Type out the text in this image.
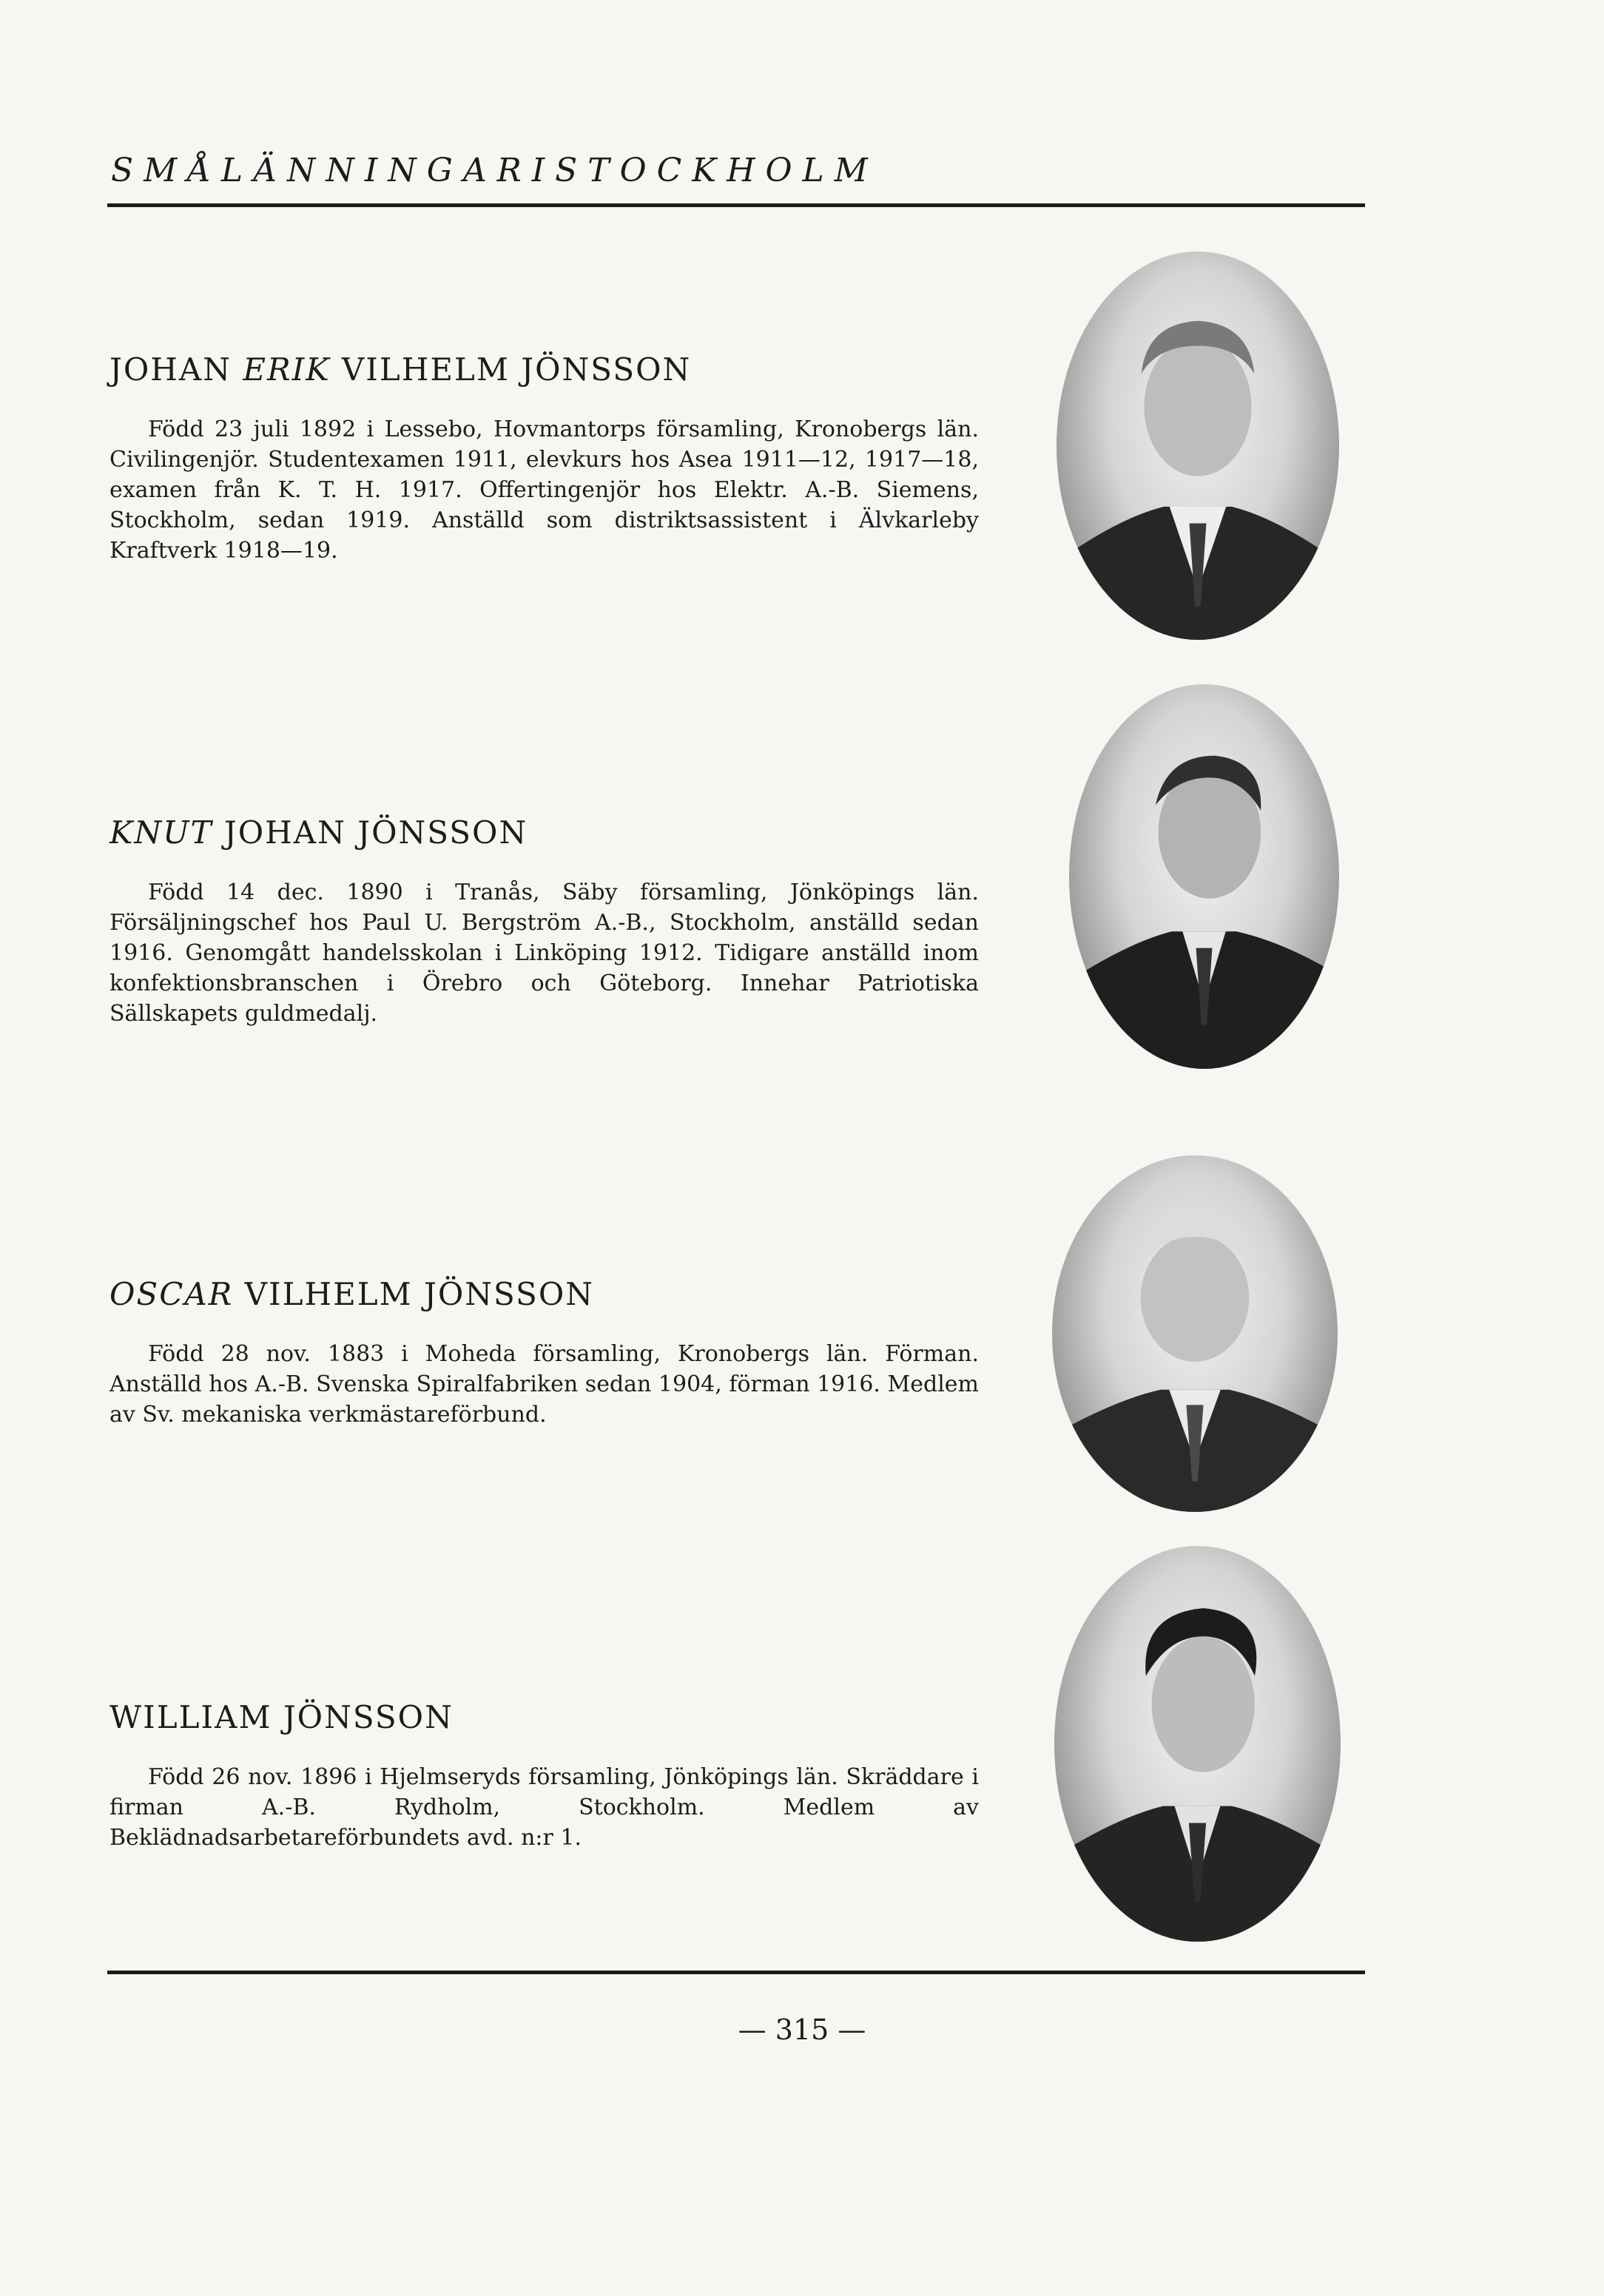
S M Å L Ä N N I N G A R I S T O C K H O L M
JOHAN ERIK VILHELM JÖNSSON

Född 23 juli 1892 i Lessebo, Hovmantorps församling, Kronobergs län. Civilingenjör. Studentexamen 1911, elevkurs hos Asea 1911—12, 1917—18, examen från K. T. H. 1917. Offertingenjör hos Elektr. A.-B. Siemens, Stockholm, sedan 1919. Anställd som distriktsassistent i Älvkarleby Kraftverk 1918—19.

KNUT JOHAN JÖNSSON

Född 14 dec. 1890 i Tranås, Säby församling, Jönköpings län. Försäljningschef hos Paul U. Bergström A.-B., Stockholm, anställd sedan 1916. Genomgått handelsskolan i Linköping 1912. Tidigare anställd inom konfektionsbranschen i Örebro och Göteborg. Innehar Patriotiska Sällskapets guldmedalj.

OSCAR VILHELM JÖNSSON

Född 28 nov. 1883 i Moheda församling, Kronobergs län. Förman. Anställd hos A.-B. Svenska Spiralfabriken sedan 1904, förman 1916. Medlem av Sv. mekaniska verkmästareförbund.

WILLIAM JÖNSSON

Född 26 nov. 1896 i Hjelmseryds församling, Jönköpings län. Skräddare i firman A.-B. Rydholm, Stockholm. Medlem av Beklädnadsarbetareförbundets avd. n:r 1.

— 315 —
